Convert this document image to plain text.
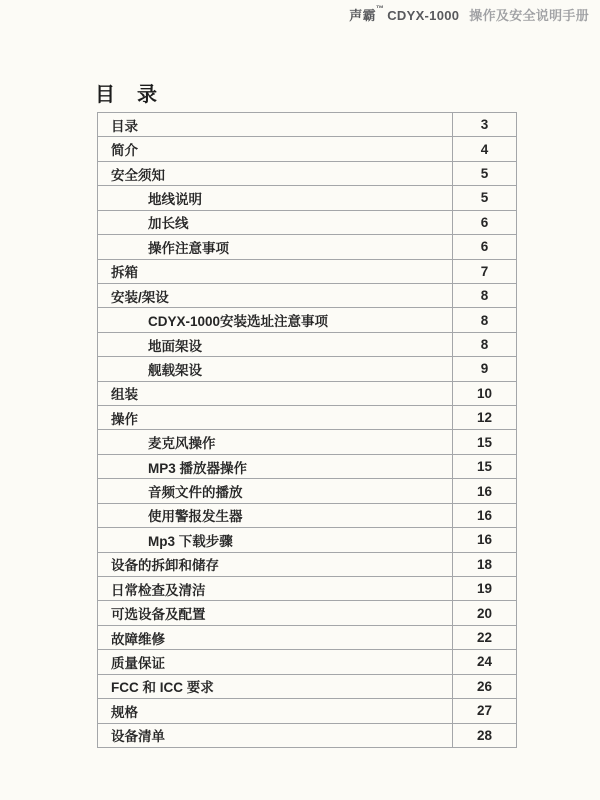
声霸™ CDYX-1000 操作及安全说明手册
目　录
目录	3
简介	4
安全须知	5
地线说明	5
加长线	6
操作注意事项	6
拆箱	7
安装/架设	8
CDYX-1000安装选址注意事项	8
地面架设	8
舰载架设	9
组装	10
操作	12
麦克风操作	15
MP3 播放器操作	15
音频文件的播放	16
使用警报发生器	16
Mp3 下载步骤	16
设备的拆卸和储存	18
日常检查及清洁	19
可选设备及配置	20
故障维修	22
质量保证	24
FCC 和 ICC 要求	26
规格	27
设备清单	28
